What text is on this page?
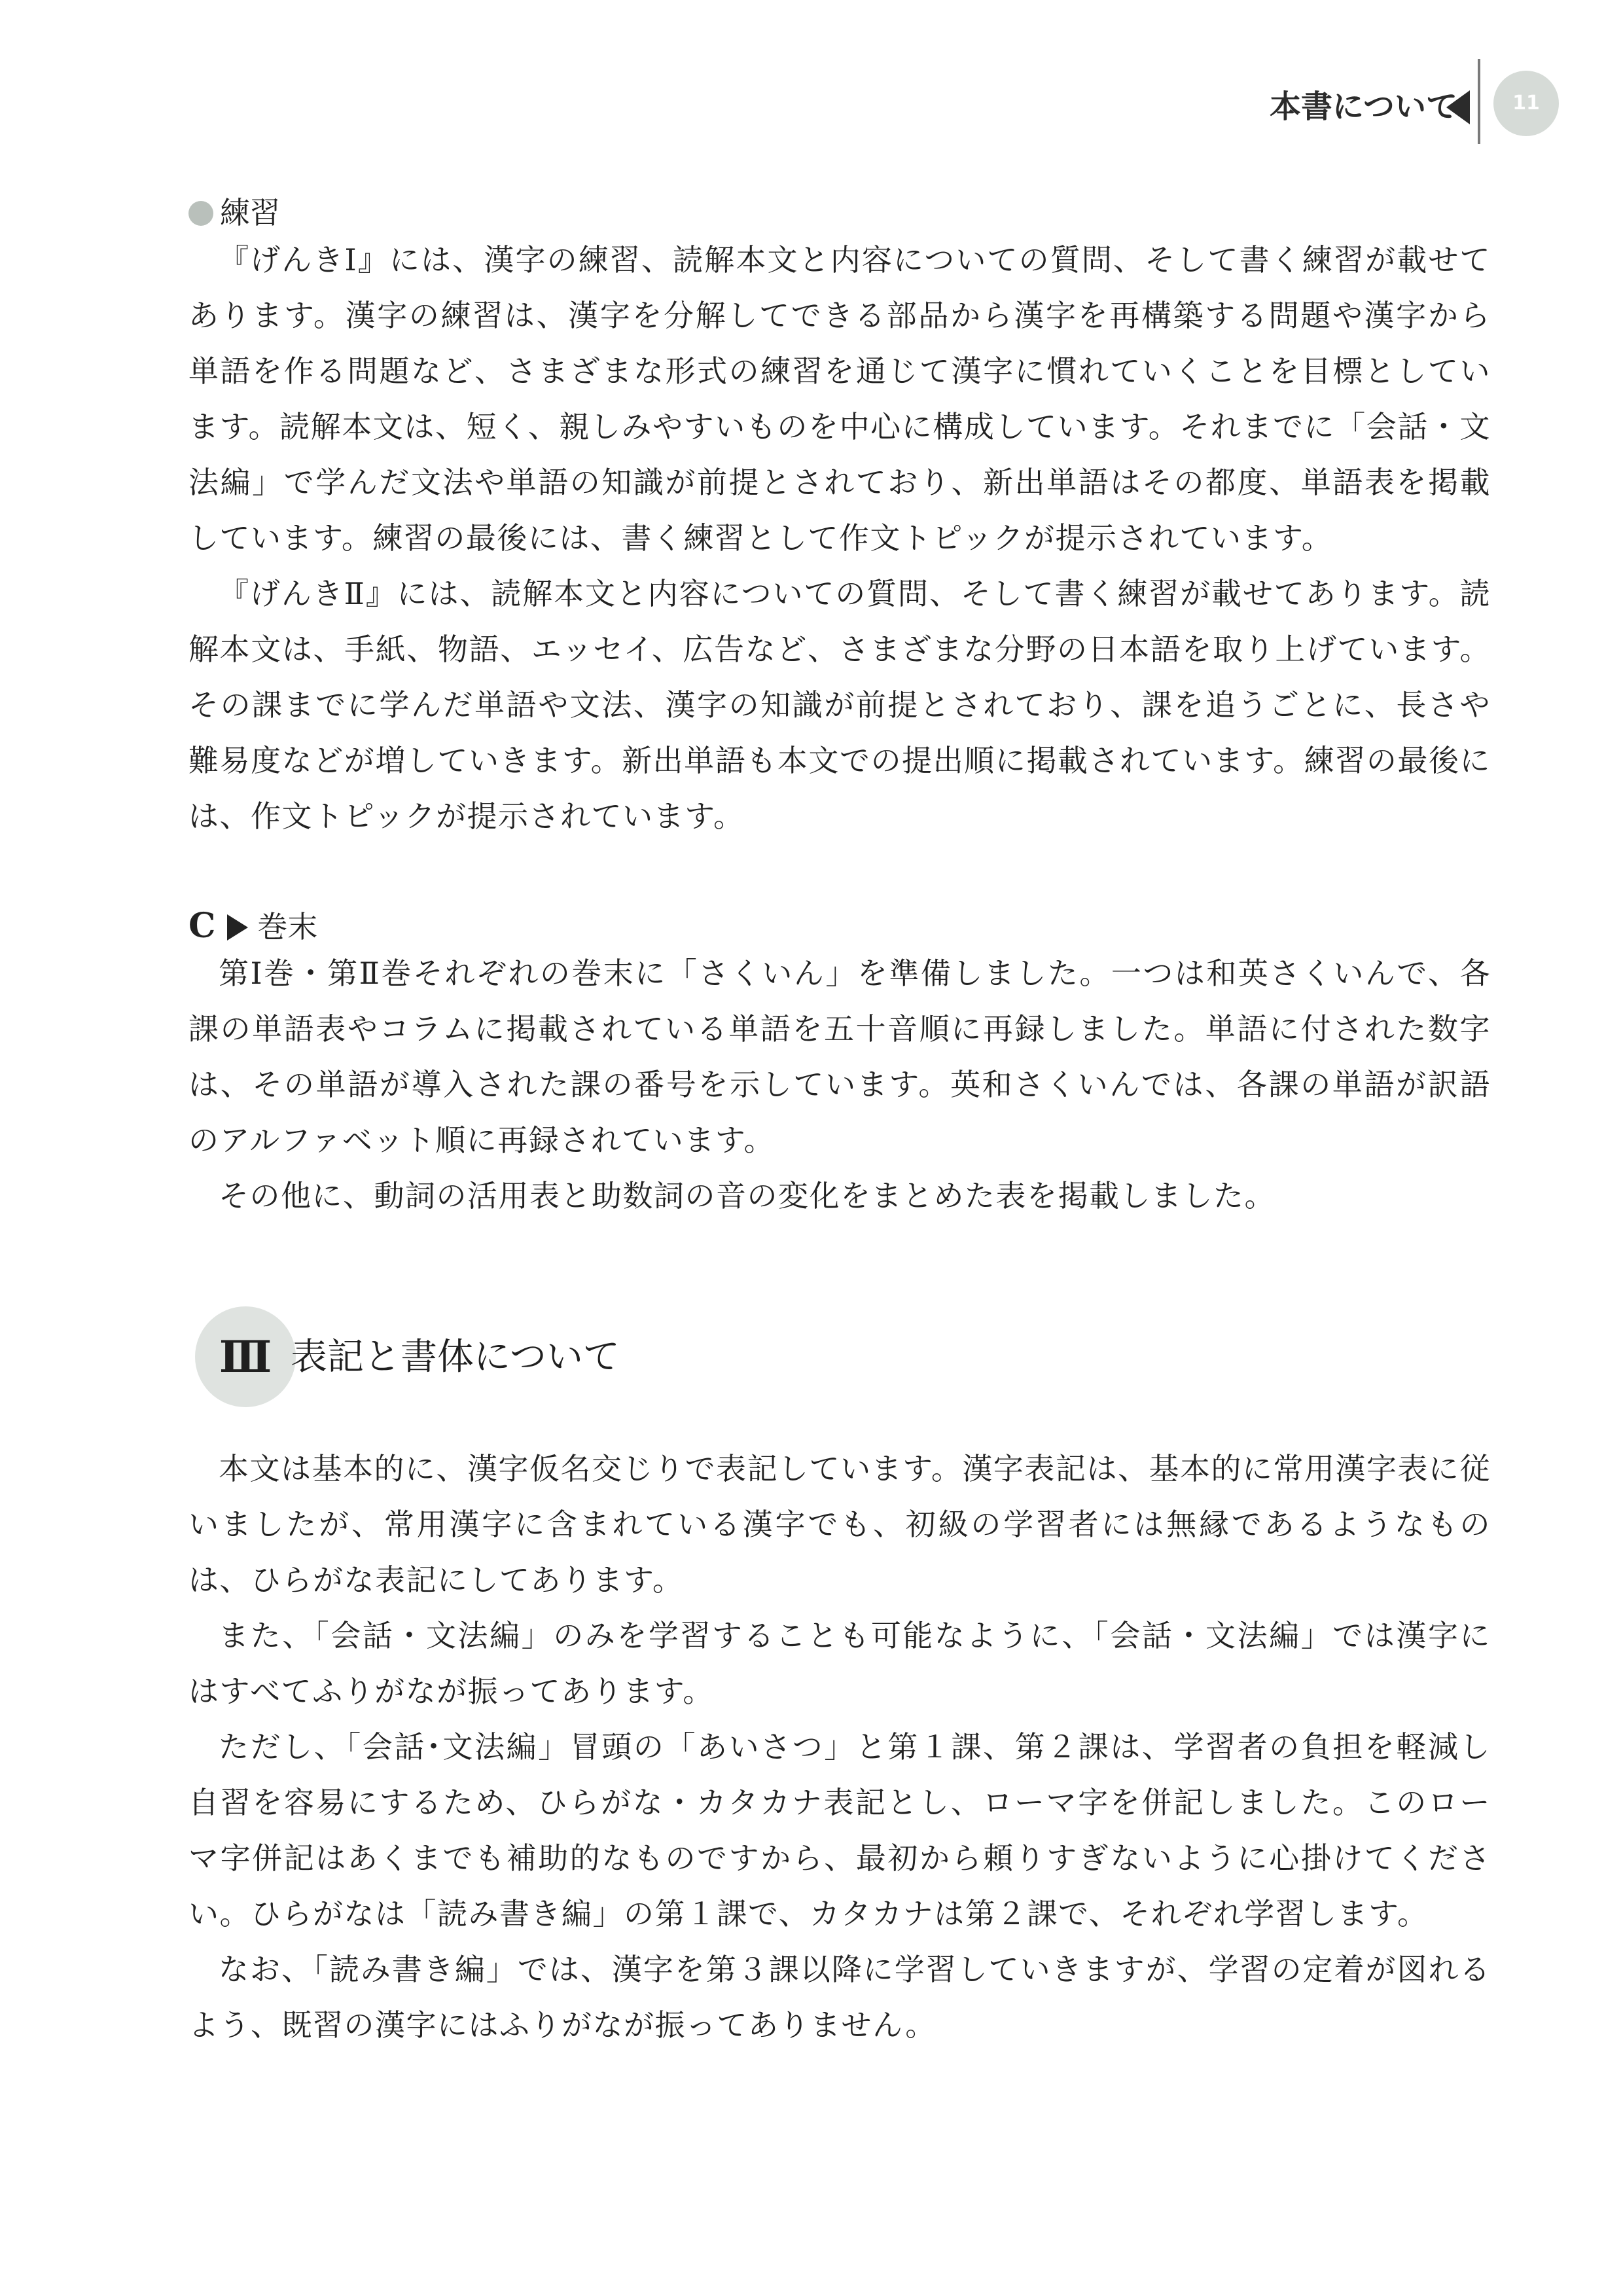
本書について	11
練習

『げんきⅠ』には、漢字の練習、読解本文と内容についての質問、そして書く練習が載せてあります。漢字の練習は、漢字を分解してできる部品から漢字を再構築する問題や漢字から単語を作る問題など、さまざまな形式の練習を通じて漢字に慣れていくことを目標としています。読解本文は、短く、親しみやすいものを中心に構成しています。それまでに「会話・文法編」で学んだ文法や単語の知識が前提とされており、新出単語はその都度、単語表を掲載しています。練習の最後には、書く練習として作文トピックが提示されています。

『げんきⅡ』には、読解本文と内容についての質問、そして書く練習が載せてあります。読解本文は、手紙、物語、エッセイ、広告など、さまざまな分野の日本語を取り上げています。その課までに学んだ単語や文法、漢字の知識が前提とされており、課を追うごとに、長さや難易度などが増していきます。新出単語も本文での提出順に掲載されています。練習の最後には、作文トピックが提示されています。

C 巻末

第Ⅰ巻・第Ⅱ巻それぞれの巻末に「さくいん」を準備しました。一つは和英さくいんで、各課の単語表やコラムに掲載されている単語を五十音順に再録しました。単語に付された数字は、その単語が導入された課の番号を示しています。英和さくいんでは、各課の単語が訳語のアルファベット順に再録されています。

その他に、動詞の活用表と助数詞の音の変化をまとめた表を掲載しました。

Ⅲ 表記と書体について

本文は基本的に、漢字仮名交じりで表記しています。漢字表記は、基本的に常用漢字表に従いましたが、常用漢字に含まれている漢字でも、初級の学習者には無縁であるようなものは、ひらがな表記にしてあります。

また、「会話・文法編」のみを学習することも可能なように、「会話・文法編」では漢字にはすべてふりがなが振ってあります。

ただし、「会話･文法編」冒頭の「あいさつ」と第１課、第２課は、学習者の負担を軽減し自習を容易にするため、ひらがな・カタカナ表記とし、ローマ字を併記しました。このローマ字併記はあくまでも補助的なものですから、最初から頼りすぎないように心掛けてください。ひらがなは「読み書き編」の第１課で、カタカナは第２課で、それぞれ学習します。

なお、「読み書き編」では、漢字を第３課以降に学習していきますが、学習の定着が図れるよう、既習の漢字にはふりがなが振ってありません。
